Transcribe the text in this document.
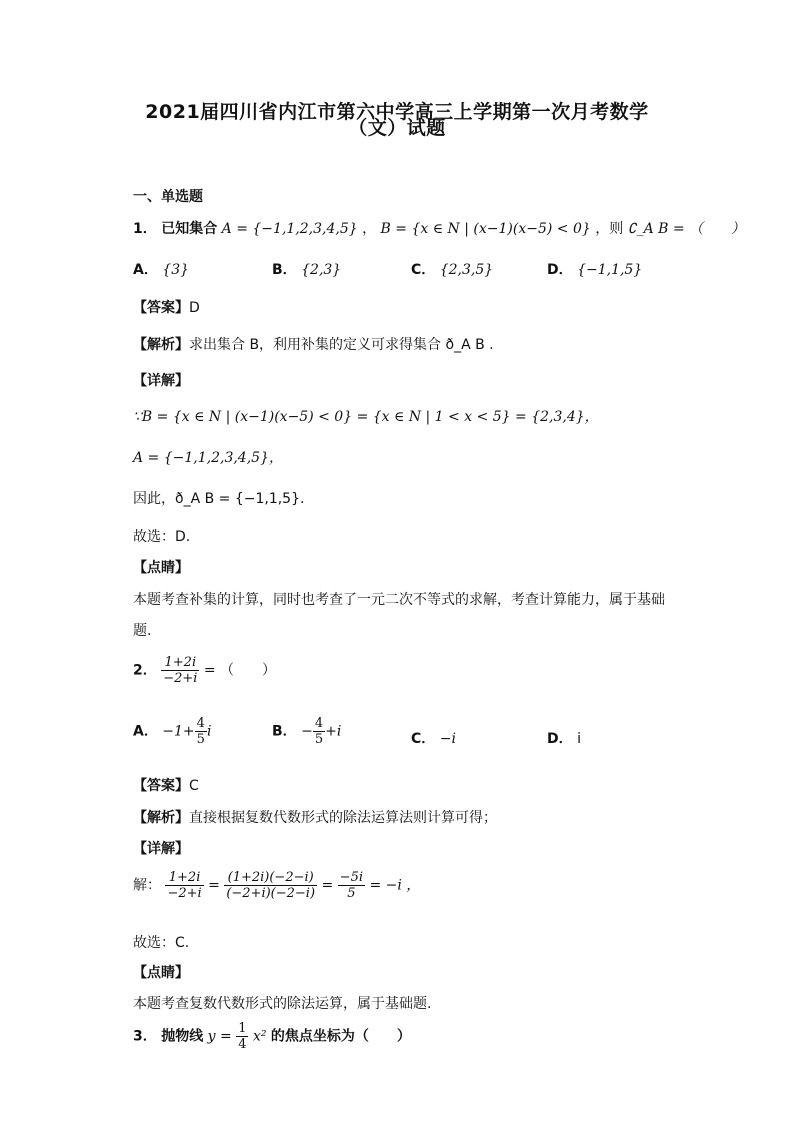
2021届四川省内江市第六中学高三上学期第一次月考数学
（文）试题
一、单选题
1． 已知集合 A = {−1,1,2,3,4,5} ， B = {x ∈ N | (x−1)(x−5) < 0} ，则 ∁_A B = （　　）
A． {3}	B． {2,3}	C． {2,3,5}	D． {−1,1,5}
【答案】D
【解析】求出集合 B，利用补集的定义可求得集合 ð_A B .
【详解】
∵B = {x ∈ N | (x−1)(x−5) < 0} = {x ∈ N | 1 < x < 5} = {2,3,4}，
A = {−1,1,2,3,4,5}，
因此，ð_A B = {−1,1,5}.
故选：D.
【点睛】
本题考查补集的计算，同时也考查了一元二次不等式的求解，考查计算能力，属于基础
题.
2． $\frac{1+2i}{-2+i}$ = （　　）
A． $-1+ \frac{4}{5}$ i	B． − $\frac{4}{5} +i$	C． −i	D． i
【答案】C
【解析】直接根据复数代数形式的除法运算法则计算可得；
【详解】
解： $\frac{1+2i}{-2+i} = \frac{(1+2i)(-2-i)}{(-2+i)(-2-i)} = \frac{-5i}{5} = -i$ ，
故选：C.
【点睛】
本题考查复数代数形式的除法运算，属于基础题.
3． 抛物线 $y = \frac{1}{4} x^2$ 的焦点坐标为（　　）
